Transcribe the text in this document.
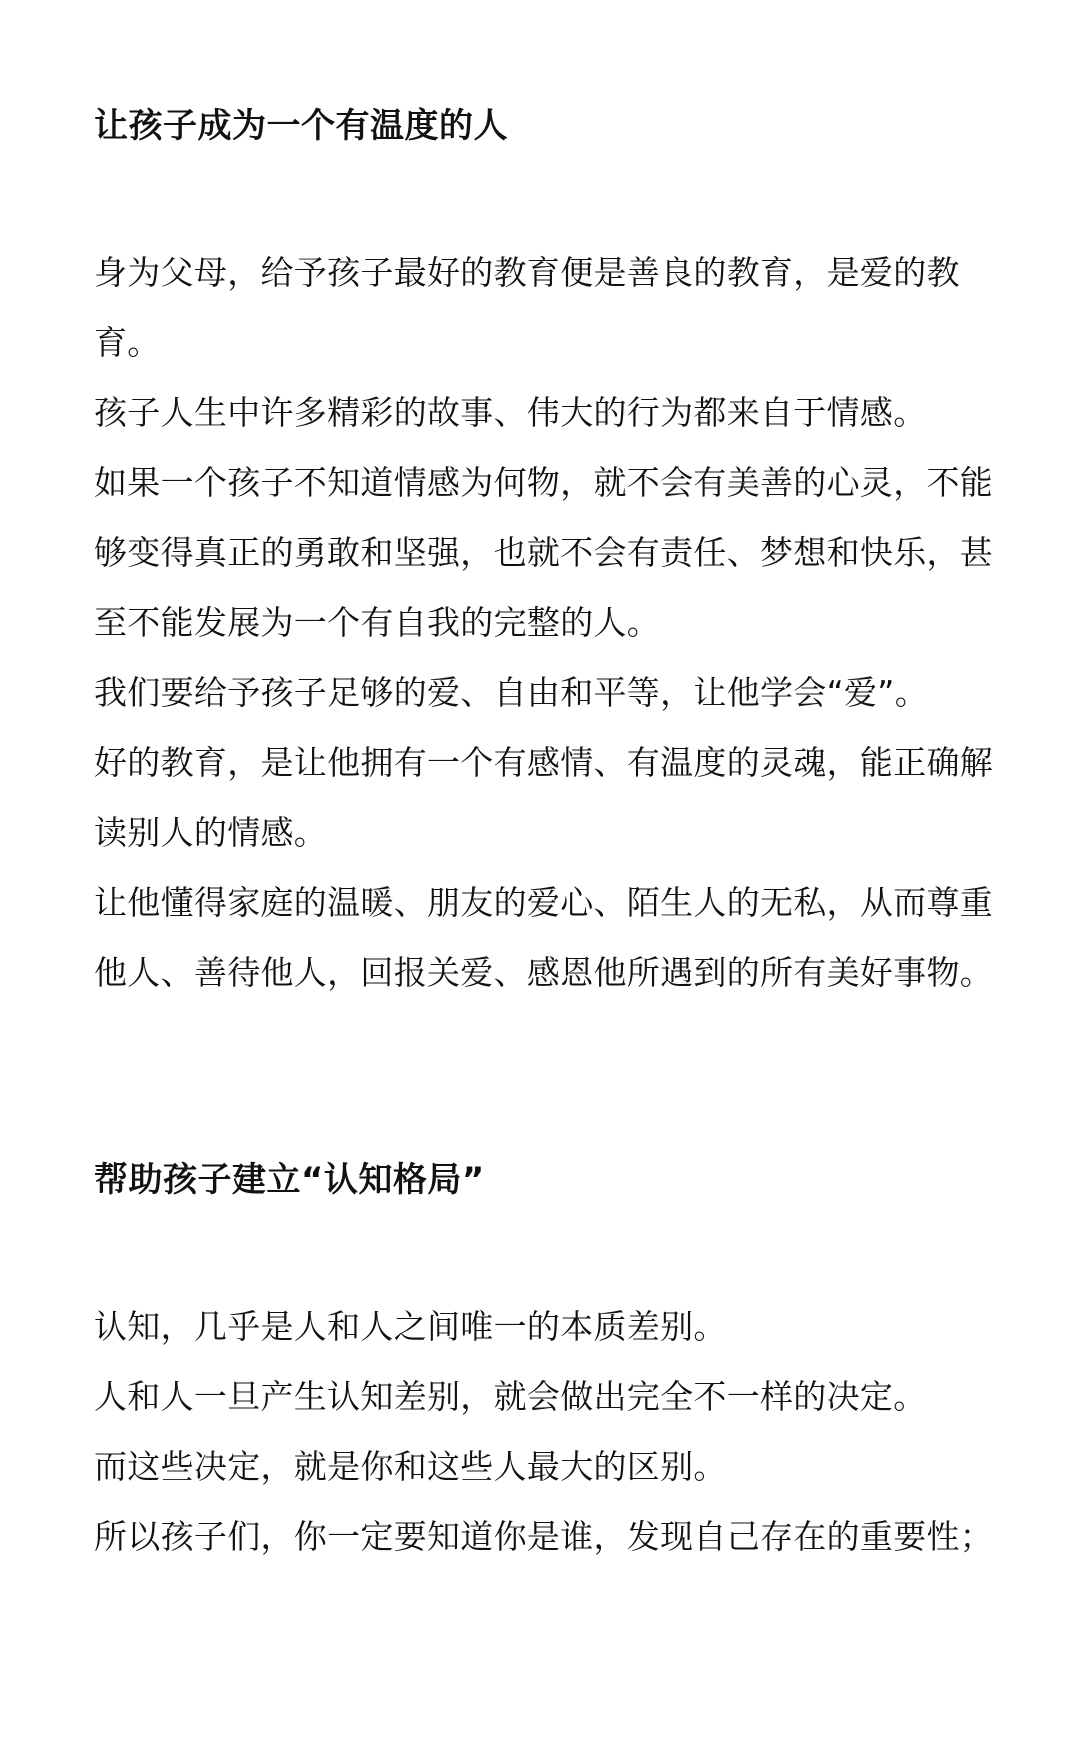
让孩子成为一个有温度的人

身为父母，给予孩子最好的教育便是善良的教育，是爱的教育。

孩子人生中许多精彩的故事、伟大的行为都来自于情感。

如果一个孩子不知道情感为何物，就不会有美善的心灵，不能够变得真正的勇敢和坚强，也就不会有责任、梦想和快乐，甚至不能发展为一个有自我的完整的人。

我们要给予孩子足够的爱、自由和平等，让他学会“爱”。

好的教育，是让他拥有一个有感情、有温度的灵魂，能正确解读别人的情感。

让他懂得家庭的温暖、朋友的爱心、陌生人的无私，从而尊重他人、善待他人，回报关爱、感恩他所遇到的所有美好事物。

帮助孩子建立“认知格局”

认知，几乎是人和人之间唯一的本质差别。

人和人一旦产生认知差别，就会做出完全不一样的决定。

而这些决定，就是你和这些人最大的区别。

所以孩子们，你一定要知道你是谁，发现自己存在的重要性；
